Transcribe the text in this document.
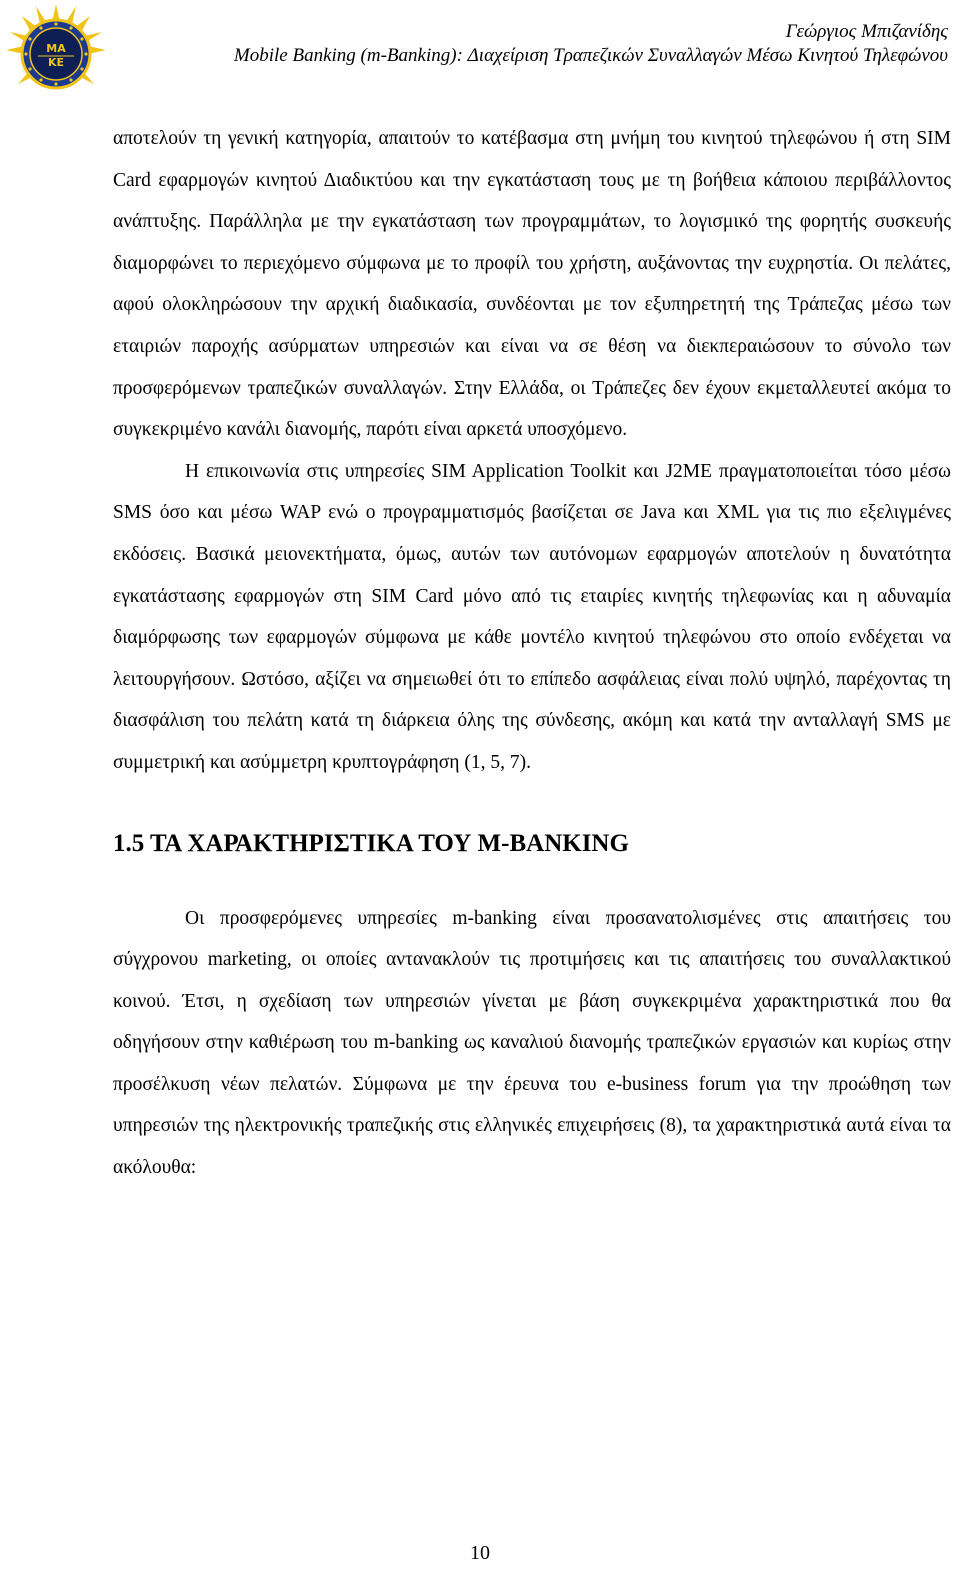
ΜΑ
ΚΕ
Γεώργιος Μπιζανίδης
Mobile Banking (m-Banking): Διαχείριση Τραπεζικών Συναλλαγών Μέσω Κινητού Τηλεφώνου

αποτελούν τη γενική κατηγορία, απαιτούν το κατέβασμα στη μνήμη του κινητού τηλεφώνου ή στη SIM Card εφαρμογών κινητού Διαδικτύου και την εγκατάσταση τους με τη βοήθεια κάποιου περιβάλλοντος ανάπτυξης. Παράλληλα με την εγκατάσταση των προγραμμάτων, το λογισμικό της φορητής συσκευής διαμορφώνει το περιεχόμενο σύμφωνα με το προφίλ του χρήστη, αυξάνοντας την ευχρηστία. Οι πελάτες, αφού ολοκληρώσουν την αρχική διαδικασία, συνδέονται με τον εξυπηρετητή της Τράπεζας μέσω των εταιριών παροχής ασύρματων υπηρεσιών και είναι να σε θέση να διεκπεραιώσουν το σύνολο των προσφερόμενων τραπεζικών συναλλαγών. Στην Ελλάδα, οι Τράπεζες δεν έχουν εκμεταλλευτεί ακόμα το συγκεκριμένο κανάλι διανομής, παρότι είναι αρκετά υποσχόμενο.

Η επικοινωνία στις υπηρεσίες SIM Application Toolkit και J2ME πραγματοποιείται τόσο μέσω SMS όσο και μέσω WAP ενώ ο προγραμματισμός βασίζεται σε Java και XML για τις πιο εξελιγμένες εκδόσεις. Βασικά μειονεκτήματα, όμως, αυτών των αυτόνομων εφαρμογών αποτελούν η δυνατότητα εγκατάστασης εφαρμογών στη SIM Card μόνο από τις εταιρίες κινητής τηλεφωνίας και η αδυναμία διαμόρφωσης των εφαρμογών σύμφωνα με κάθε μοντέλο κινητού τηλεφώνου στο οποίο ενδέχεται να λειτουργήσουν. Ωστόσο, αξίζει να σημειωθεί ότι το επίπεδο ασφάλειας είναι πολύ υψηλό, παρέχοντας τη διασφάλιση του πελάτη κατά τη διάρκεια όλης της σύνδεσης, ακόμη και κατά την ανταλλαγή SMS με συμμετρική και ασύμμετρη κρυπτογράφηση (1, 5, 7).

1.5 ΤΑ ΧΑΡΑΚΤΗΡΙΣΤΙΚΑ ΤΟΥ M-BANKING

Οι προσφερόμενες υπηρεσίες m-banking είναι προσανατολισμένες στις απαιτήσεις του σύγχρονου marketing, οι οποίες αντανακλούν τις προτιμήσεις και τις απαιτήσεις του συναλλακτικού κοινού. Έτσι, η σχεδίαση των υπηρεσιών γίνεται με βάση συγκεκριμένα χαρακτηριστικά που θα οδηγήσουν στην καθιέρωση του m-banking ως καναλιού διανομής τραπεζικών εργασιών και κυρίως στην προσέλκυση νέων πελατών. Σύμφωνα με την έρευνα του e-business forum για την προώθηση των υπηρεσιών της ηλεκτρονικής τραπεζικής στις ελληνικές επιχειρήσεις (8), τα χαρακτηριστικά αυτά είναι τα ακόλουθα:

10
